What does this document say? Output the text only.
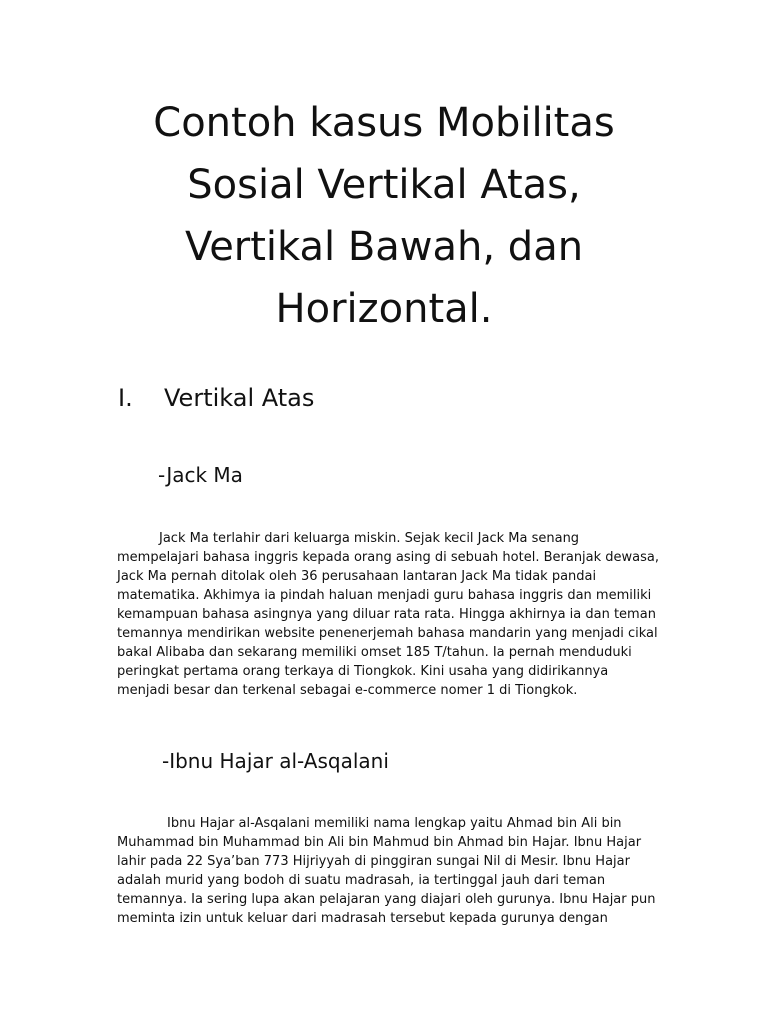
Contoh kasus Mobilitas
Sosial Vertikal Atas,
Vertikal Bawah, dan
Horizontal.
I. Vertikal Atas
-Jack Ma

Jack Ma terlahir dari keluarga miskin. Sejak kecil Jack Ma senang
mempelajari bahasa inggris kepada orang asing di sebuah hotel. Beranjak dewasa,
Jack Ma pernah ditolak oleh 36 perusahaan lantaran Jack Ma tidak pandai
matematika. Akhimya ia pindah haluan menjadi guru bahasa inggris dan memiliki
kemampuan bahasa asingnya yang diluar rata rata. Hingga akhirnya ia dan teman
temannya mendirikan website penenerjemah bahasa mandarin yang menjadi cikal
bakal Alibaba dan sekarang memiliki omset 185 T/tahun. Ia pernah menduduki
peringkat pertama orang terkaya di Tiongkok. Kini usaha yang didirikannya
menjadi besar dan terkenal sebagai e-commerce nomer 1 di Tiongkok.

-Ibnu Hajar al-Asqalani

Ibnu Hajar al-Asqalani memiliki nama lengkap yaitu Ahmad bin Ali bin
Muhammad bin Muhammad bin Ali bin Mahmud bin Ahmad bin Hajar. Ibnu Hajar
lahir pada 22 Sya’ban 773 Hijriyyah di pinggiran sungai Nil di Mesir. Ibnu Hajar
adalah murid yang bodoh di suatu madrasah, ia tertinggal jauh dari teman
temannya. Ia sering lupa akan pelajaran yang diajari oleh gurunya. Ibnu Hajar pun
meminta izin untuk keluar dari madrasah tersebut kepada gurunya dengan
